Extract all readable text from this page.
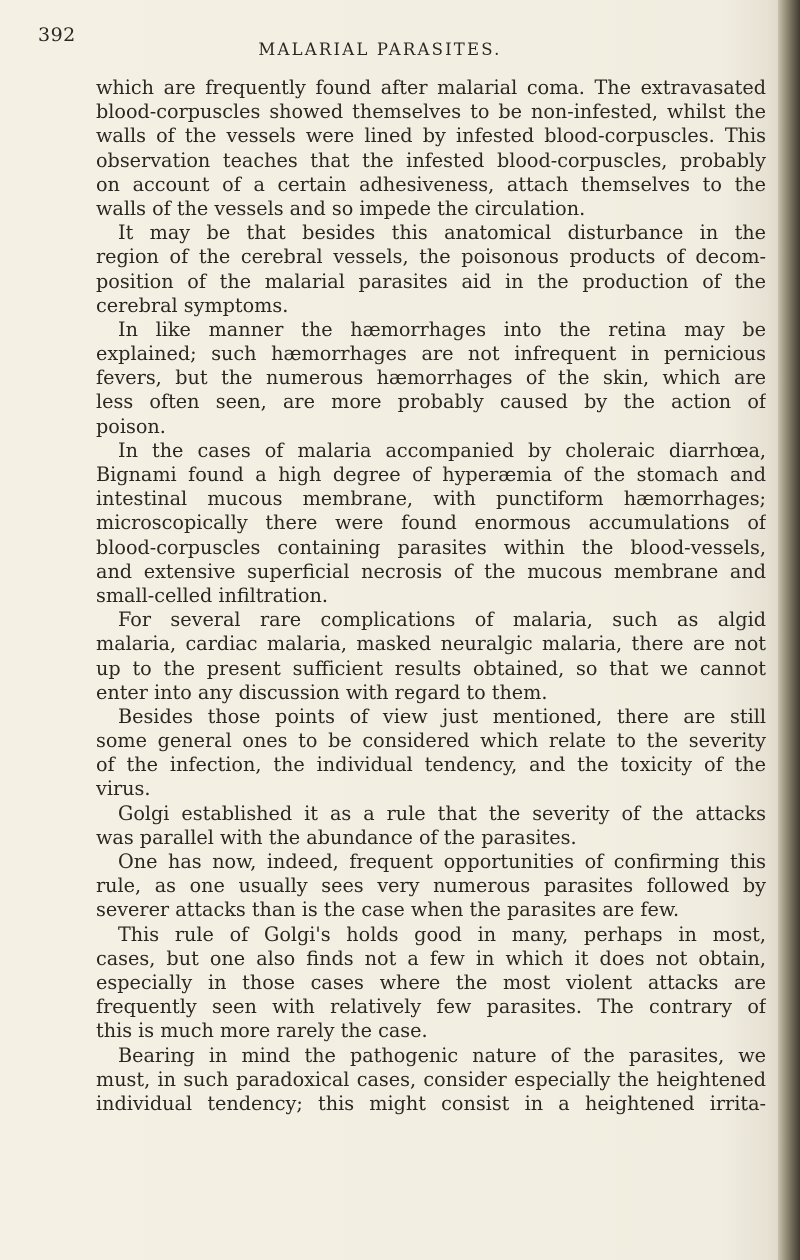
392
MALARIAL PARASITES.
which are frequently found after malarial coma. The extravasated
blood-corpuscles showed themselves to be non-infested, whilst the
walls of the vessels were lined by infested blood-corpuscles. This
observation teaches that the infested blood-corpuscles, probably
on account of a certain adhesiveness, attach themselves to the
walls of the vessels and so impede the circulation.
It may be that besides this anatomical disturbance in the
region of the cerebral vessels, the poisonous products of decom-
position of the malarial parasites aid in the production of the
cerebral symptoms.
In like manner the hæmorrhages into the retina may be
explained; such hæmorrhages are not infrequent in pernicious
fevers, but the numerous hæmorrhages of the skin, which are
less often seen, are more probably caused by the action of
poison.
In the cases of malaria accompanied by choleraic diarrhœa,
Bignami found a high degree of hyperæmia of the stomach and
intestinal mucous membrane, with punctiform hæmorrhages;
microscopically there were found enormous accumulations of
blood-corpuscles containing parasites within the blood-vessels,
and extensive superficial necrosis of the mucous membrane and
small-celled infiltration.
For several rare complications of malaria, such as algid
malaria, cardiac malaria, masked neuralgic malaria, there are not
up to the present sufficient results obtained, so that we cannot
enter into any discussion with regard to them.
Besides those points of view just mentioned, there are still
some general ones to be considered which relate to the severity
of the infection, the individual tendency, and the toxicity of the
virus.
Golgi established it as a rule that the severity of the attacks
was parallel with the abundance of the parasites.
One has now, indeed, frequent opportunities of confirming this
rule, as one usually sees very numerous parasites followed by
severer attacks than is the case when the parasites are few.
This rule of Golgi's holds good in many, perhaps in most,
cases, but one also finds not a few in which it does not obtain,
especially in those cases where the most violent attacks are
frequently seen with relatively few parasites. The contrary of
this is much more rarely the case.
Bearing in mind the pathogenic nature of the parasites, we
must, in such paradoxical cases, consider especially the heightened
individual tendency; this might consist in a heightened irrita-
